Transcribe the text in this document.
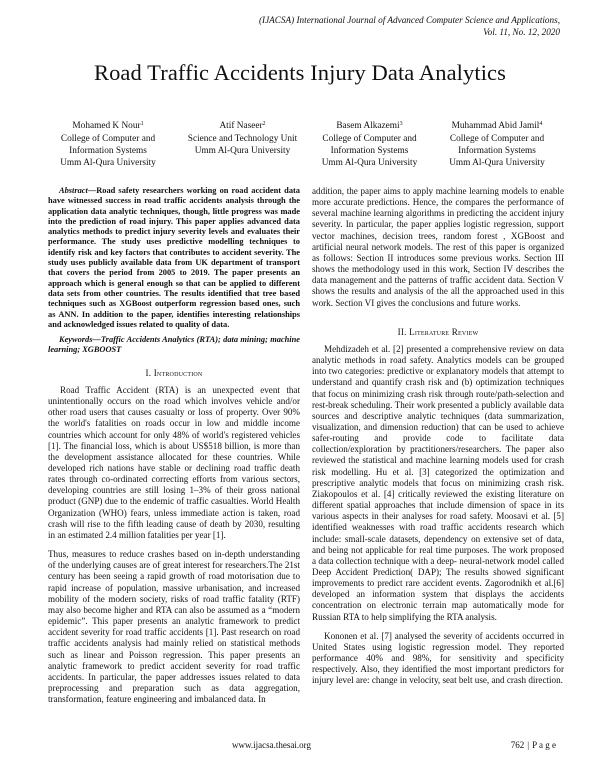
(IJACSA) International Journal of Advanced Computer Science and Applications,
Vol. 11, No. 12, 2020
Road Traffic Accidents Injury Data Analytics
Mohamed K Nour$^1$
College of Computer and
Information Systems
Umm Al-Qura University
Atif Naseer$^2$
Science and Technology Unit
Umm Al-Qura University
Basem Alkazemi$^3$
College of Computer and
Information Systems
Umm Al-Qura University
Muhammad Abid Jamil$^4$
College of Computer and
Information Systems
Umm Al-Qura University

Abstract—Road safety researchers working on road accident data have witnessed success in road traffic accidents analysis through the application data analytic techniques, though, little progress was made into the prediction of road injury. This paper applies advanced data analytics methods to predict injury severity levels and evaluates their performance. The study uses predictive modelling techniques to identify risk and key factors that contributes to accident severity. The study uses publicly available data from UK department of transport that covers the period from 2005 to 2019. The paper presents an approach which is general enough so that can be applied to different data sets from other countries. The results identified that tree based techniques such as XGBoost outperform regression based ones, such as ANN. In addition to the paper, identifies interesting relationships and acknowledged issues related to quality of data.

Keywords—Traffic Accidents Analytics (RTA); data mining; machine learning; XGBOOST

I. Introduction

Road Traffic Accident (RTA) is an unexpected event that unintentionally occurs on the road which involves vehicle and/or other road users that causes casualty or loss of property. Over 90% the world's fatalities on roads occur in low and middle income countries which account for only 48% of world's registered vehicles [1]. The financial loss, which is about US$518 billion, is more than the development assistance allocated for these countries. While developed rich nations have stable or declining road traffic death rates through co-ordinated correcting efforts from various sectors, developing countries are still losing 1–3% of their gross national product (GNP) due to the endemic of traffic casualties. World Health Organization (WHO) fears, unless immediate action is taken, road crash will rise to the fifth leading cause of death by 2030, resulting in an estimated 2.4 million fatalities per year [1].

Thus, measures to reduce crashes based on in-depth understanding of the underlying causes are of great interest for researchers.The 21st century has been seeing a rapid growth of road motorisation due to rapid increase of population, massive urbanisation, and increased mobility of the modern society, risks of road traffic fatality (RTF) may also become higher and RTA can also be assumed as a “modern epidemic”. This paper presents an analytic framework to predict accident severity for road traffic accidents [1]. Past research on road traffic accidents analysis had mainly relied on statistical methods such as linear and Poisson regression. This paper presents an analytic framework to predict accident severity for road traffic accidents. In particular, the paper addresses issues related to data preprocessing and preparation such as data aggregation, transformation, feature engineering and imbalanced data. In

addition, the paper aims to apply machine learning models to enable more accurate predictions. Hence, the compares the performance of several machine learning algorithms in predicting the accident injury severity. In particular, the paper applies logistic regression, support vector machines, decision trees, random forest , XGBoost and artificial neural network models. The rest of this paper is organized as follows: Section II introduces some previous works. Section III shows the methodology used in this work, Section IV describes the data management and the patterns of traffic accident data. Section V shows the results and analysis of the all the approached used in this work. Section VI gives the conclusions and future works.

II. Literature Review

Mehdizadeh et al. [2] presented a comprehensive review on data analytic methods in road safety. Analytics models can be grouped into two categories: predictive or explanatory models that attempt to understand and quantify crash risk and (b) optimization techniques that focus on minimizing crash risk through route/path-selection and rest-break scheduling. Their work presented a publicly available data sources and descriptive analytic techniques (data summarization, visualization, and dimension reduction) that can be used to achieve safer-routing and provide code to facilitate data collection/exploration by practitioners/researchers. The paper also reviewed the statistical and machine learning models used for crash risk modelling. Hu et al. [3] categorized the optimization and prescriptive analytic models that focus on minimizing crash risk. Ziakopoulos et al. [4] critically reviewed the existing literature on different spatial approaches that include dimension of space in its various aspects in their analyses for road safety. Moosavi et al. [5] identified weaknesses with road traffic accidents research which include: small-scale datasets, dependency on extensive set of data, and being not applicable for real time purposes. The work proposed a data collection technique with a deep- neural-network model called Deep Accident Prediction( DAP); The results showed significant improvements to predict rare accident events. Zagorodnikh et al.[6] developed an information system that displays the accidents concentration on electronic terrain map automatically mode for Russian RTA to help simplifying the RTA analysis.

Kononen et al. [7] analysed the severity of accidents occurred in United States using logistic regression model. They reported performance 40% and 98%, for sensitivity and specificity respectively. Also, they identified the most important predictors for injury level are: change in velocity, seat belt use, and crash direction.

www.ijacsa.thesai.org	762 | P a g e
